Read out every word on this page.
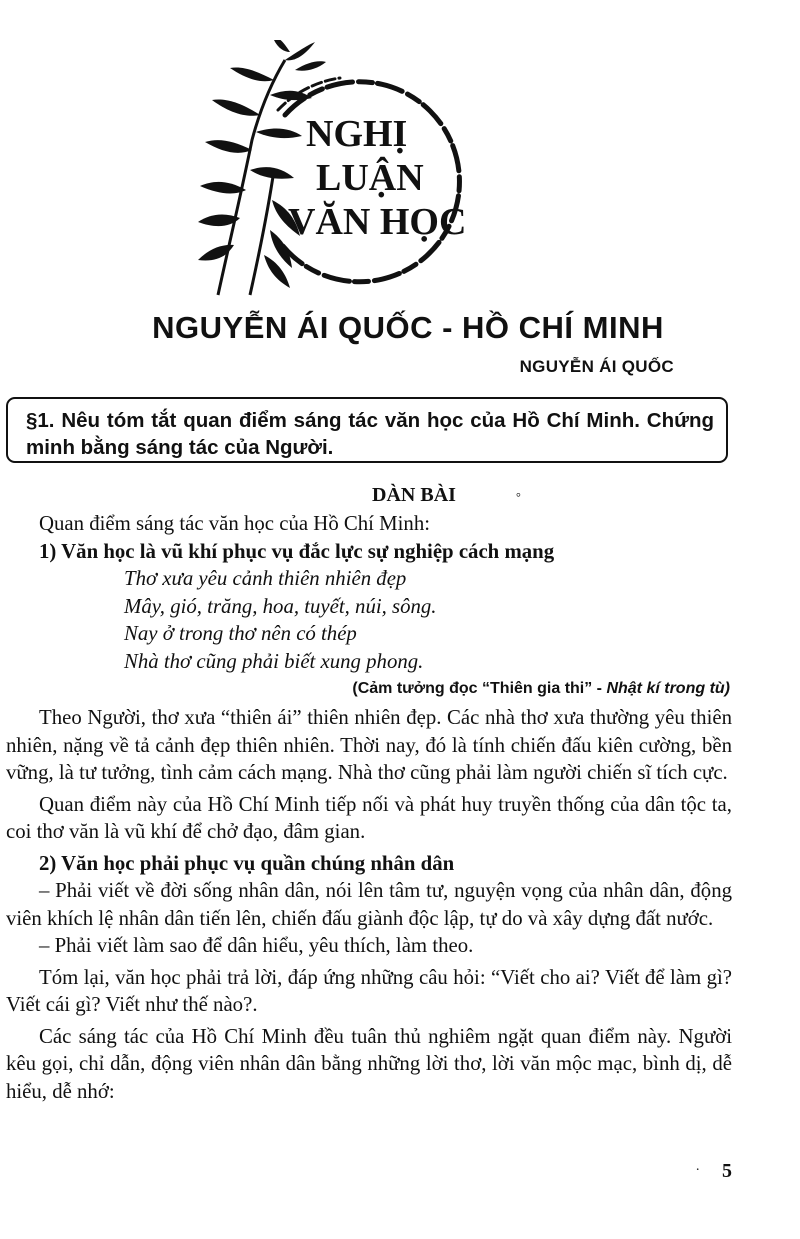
NGHỊ
LUẬN
VĂN HỌC
NGUYỄN ÁI QUỐC - HỒ CHÍ MINH
NGUYỄN ÁI QUỐC
§1. Nêu tóm tắt quan điểm sáng tác văn học của Hồ Chí Minh. Chứng minh bằng sáng tác của Người.
DÀN BÀI	°

Quan điểm sáng tác văn học của Hồ Chí Minh:

1) Văn học là vũ khí phục vụ đắc lực sự nghiệp cách mạng

Thơ xưa yêu cảnh thiên nhiên đẹp
Mây, gió, trăng, hoa, tuyết, núi, sông.
Nay ở trong thơ nên có thép
Nhà thơ cũng phải biết xung phong.
(Cảm tưởng đọc “Thiên gia thi” - Nhật kí trong tù)

Theo Người, thơ xưa “thiên ái” thiên nhiên đẹp. Các nhà thơ xưa thường yêu thiên nhiên, nặng về tả cảnh đẹp thiên nhiên. Thời nay, đó là tính chiến đấu kiên cường, bền vững, là tư tưởng, tình cảm cách mạng. Nhà thơ cũng phải làm người chiến sĩ tích cực.

Quan điểm này của Hồ Chí Minh tiếp nối và phát huy truyền thống của dân tộc ta, coi thơ văn là vũ khí để chở đạo, đâm gian.

2) Văn học phải phục vụ quần chúng nhân dân

– Phải viết về đời sống nhân dân, nói lên tâm tư, nguyện vọng của nhân dân, động viên khích lệ nhân dân tiến lên, chiến đấu giành độc lập, tự do và xây dựng đất nước.

– Phải viết làm sao để dân hiểu, yêu thích, làm theo.

Tóm lại, văn học phải trả lời, đáp ứng những câu hỏi: “Viết cho ai? Viết để làm gì? Viết cái gì? Viết như thế nào?.

Các sáng tác của Hồ Chí Minh đều tuân thủ nghiêm ngặt quan điểm này. Người kêu gọi, chỉ dẫn, động viên nhân dân bằng những lời thơ, lời văn mộc mạc, bình dị, dễ hiểu, dễ nhớ:

· 5
